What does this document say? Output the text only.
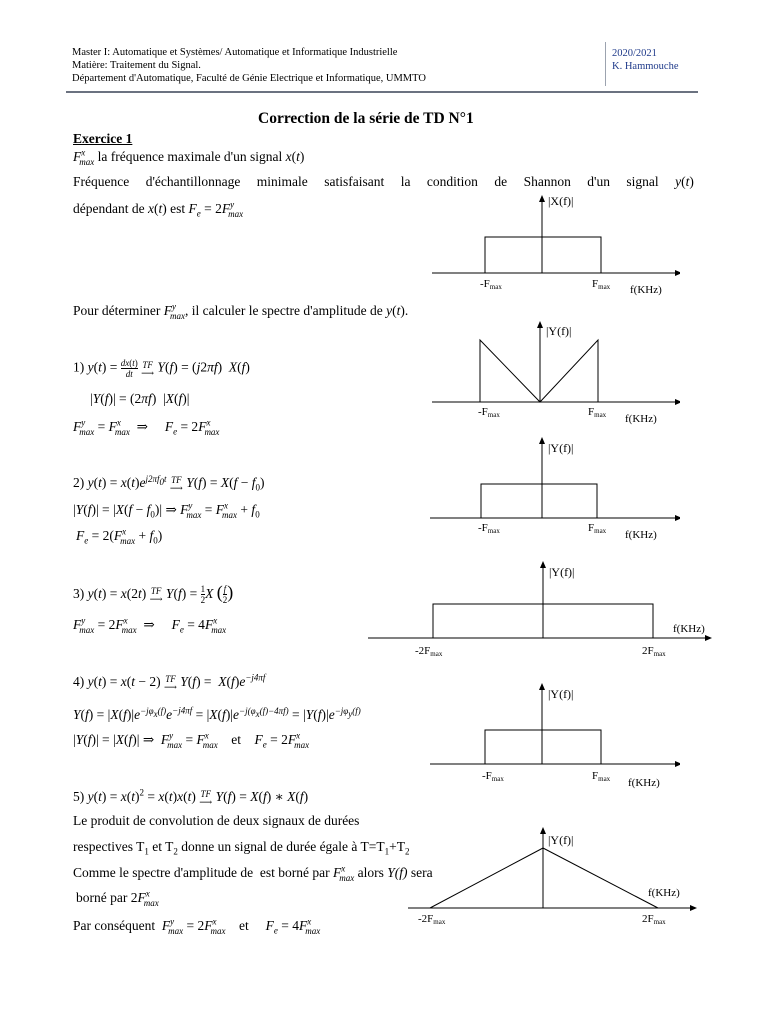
Master I: Automatique et Systèmes/ Automatique et Informatique Industrielle
Matière: Traitement du Signal.
Département d'Automatique, Faculté de Génie Electrique et Informatique, UMMTO
2020/2021
K. Hammouche
Correction de la série de TD N°1
Exercice 1
$F^x_{max}$ la fréquence maximale d'un signal x(t)
Fréquence d'échantillonnage minimale satisfaisant la condition de Shannon d'un signal y(t)
dépendant de x(t) est $F_e = 2F^y_{max}$
Pour déterminer $F^y_{max}$, il calculer le spectre d'amplitude de y(t).
1) y(t) = dx(t)

dt
TF
⟶ Y(f) = (j2πf)  X(f)
|Y(f)| = (2πf)  |X(f)|
$F^y_{max} = F^x_{max}$  ⇒     $F_e = 2F^x_{max}$
2) $y(t) = x(t)e^{j2\pi f_0t}$ TF
⟶ $Y(f) = X(f - f_0)$
$|Y(f)| = |X(f - f_0)|$ ⇒ $F^y_{max} = F^x_{max} + f_0$
$F_e = 2(F^x_{max} + f_0)$
3) y(t) = x(2t) TF
⟶ Y(f) = 1

2 X ($\frac{f}{2}$ )
$F^y_{max} = 2F^x_{max}$  ⇒     $F_e = 4F^x_{max}$
4) y(t) = x(t − 2) TF
⟶ $Y(f) = X(f)e^{-j4\pi f}$
$Y(f) = |X(f)|e^{-j\varphi_x(f)}e^{-j4\pi f} = |X(f)|e^{-j(\varphi_x(f)-4\pi f)} = |Y(f)|e^{-j\varphi_y(f)}$
|Y(f)| = |X(f)| ⇒  $F^y_{max} = F^x_{max}$    et    $F_e = 2F^x_{max}$
5) $y(t) = x(t)^2 = x(t)x(t)$ TF
⟶ Y(f) = X(f) ∗ X(f)
Le produit de convolution de deux signaux de durées
respectives $T_1$ et $T_2$ donne un signal de durée égale à $T=T_1+T_2$
Comme le spectre d'amplitude de  est borné par $F^x_{max}$ alors Y(f) sera
borné par $2F^x_{max}$
Par conséquent  $F^y_{max} = 2F^x_{max}$    et     $F_e = 4F^x_{max}$
|X(f)|
-Fmax	Fmax f(KHz)
|Y(f)|
-Fmax	Fmax f(KHz)
|Y(f)|
-Fmax	Fmax f(KHz)
|Y(f)|
-2Fmax	2Fmax
f(KHz)
|Y(f)|
-Fmax	Fmax f(KHz)
|Y(f)|
-2Fmax	2Fmax
f(KHz)
